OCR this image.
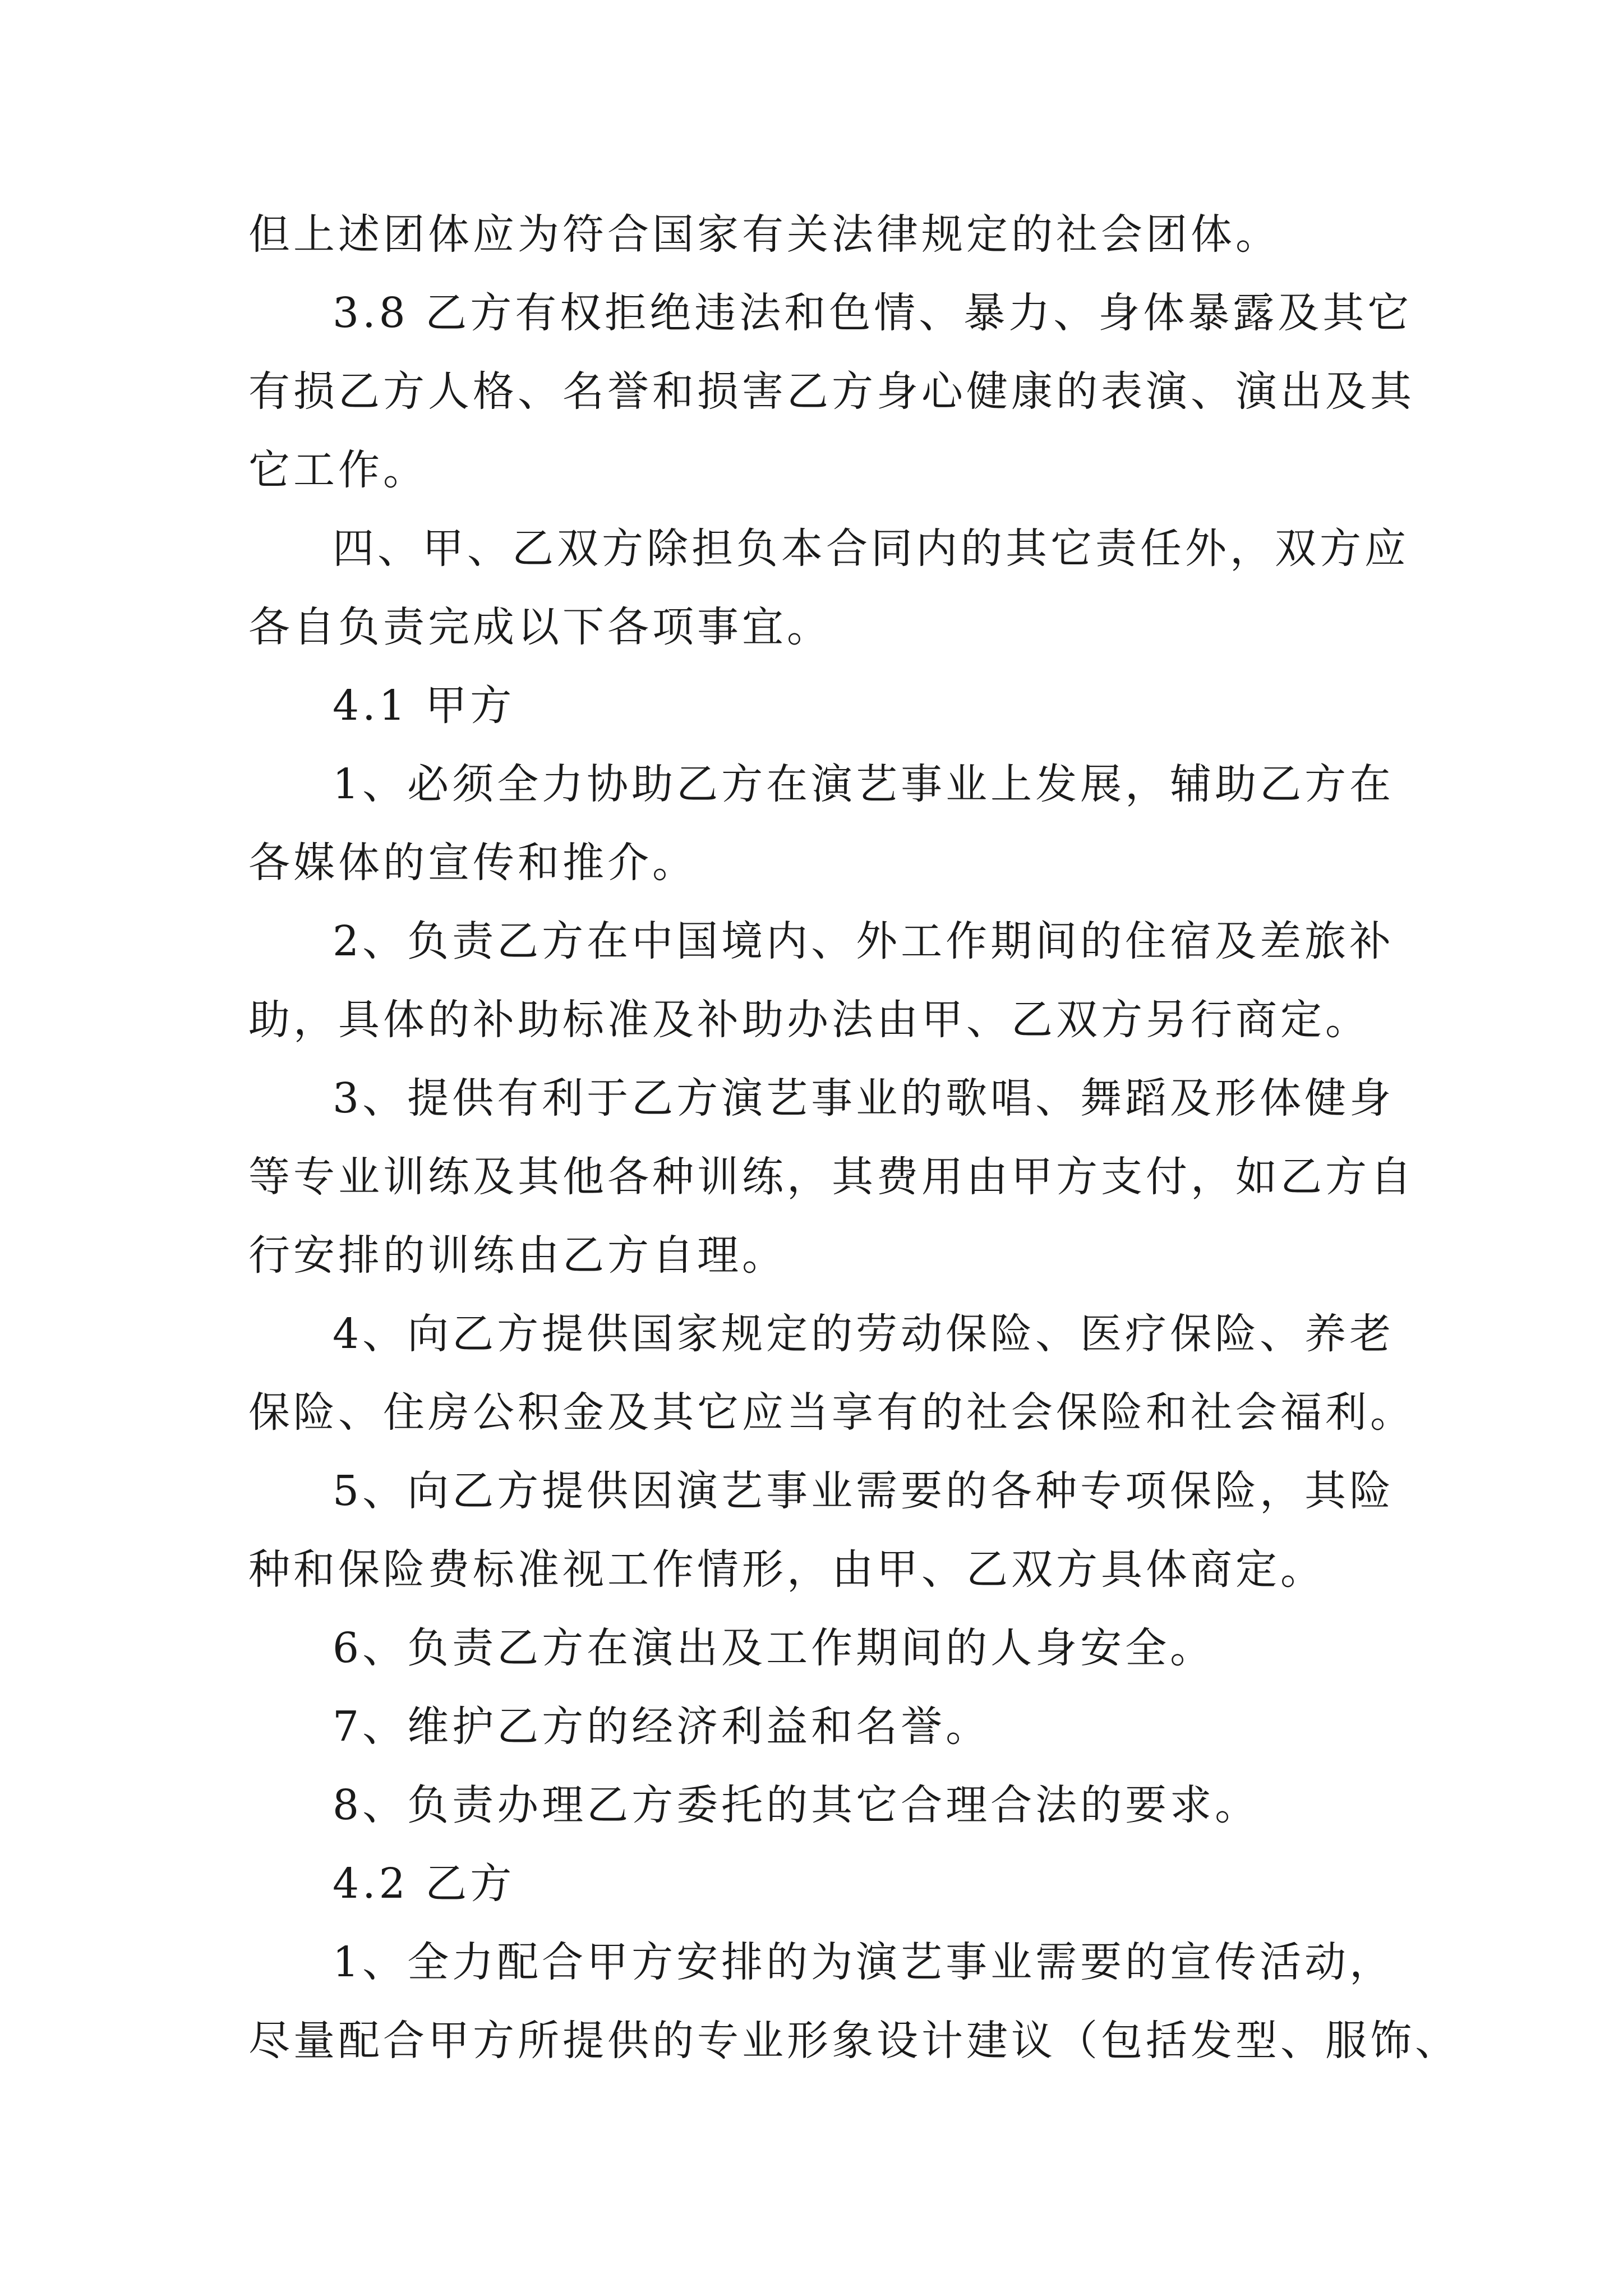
但上述团体应为符合国家有关法律规定的社会团体。
3.8 乙方有权拒绝违法和色情、暴力、身体暴露及其它
有损乙方人格、名誉和损害乙方身心健康的表演、演出及其
它工作。
四、甲、乙双方除担负本合同内的其它责任外，双方应
各自负责完成以下各项事宜。
4.1 甲方
1、必须全力协助乙方在演艺事业上发展，辅助乙方在
各媒体的宣传和推介。
2、负责乙方在中国境内、外工作期间的住宿及差旅补
助，具体的补助标准及补助办法由甲、乙双方另行商定。
3、提供有利于乙方演艺事业的歌唱、舞蹈及形体健身
等专业训练及其他各种训练，其费用由甲方支付，如乙方自
行安排的训练由乙方自理。
4、向乙方提供国家规定的劳动保险、医疗保险、养老
保险、住房公积金及其它应当享有的社会保险和社会福利。
5、向乙方提供因演艺事业需要的各种专项保险，其险
种和保险费标准视工作情形，由甲、乙双方具体商定。
6、负责乙方在演出及工作期间的人身安全。
7、维护乙方的经济利益和名誉。
8、负责办理乙方委托的其它合理合法的要求。
4.2 乙方
1、全力配合甲方安排的为演艺事业需要的宣传活动，
尽量配合甲方所提供的专业形象设计建议（包括发型、服饰、
